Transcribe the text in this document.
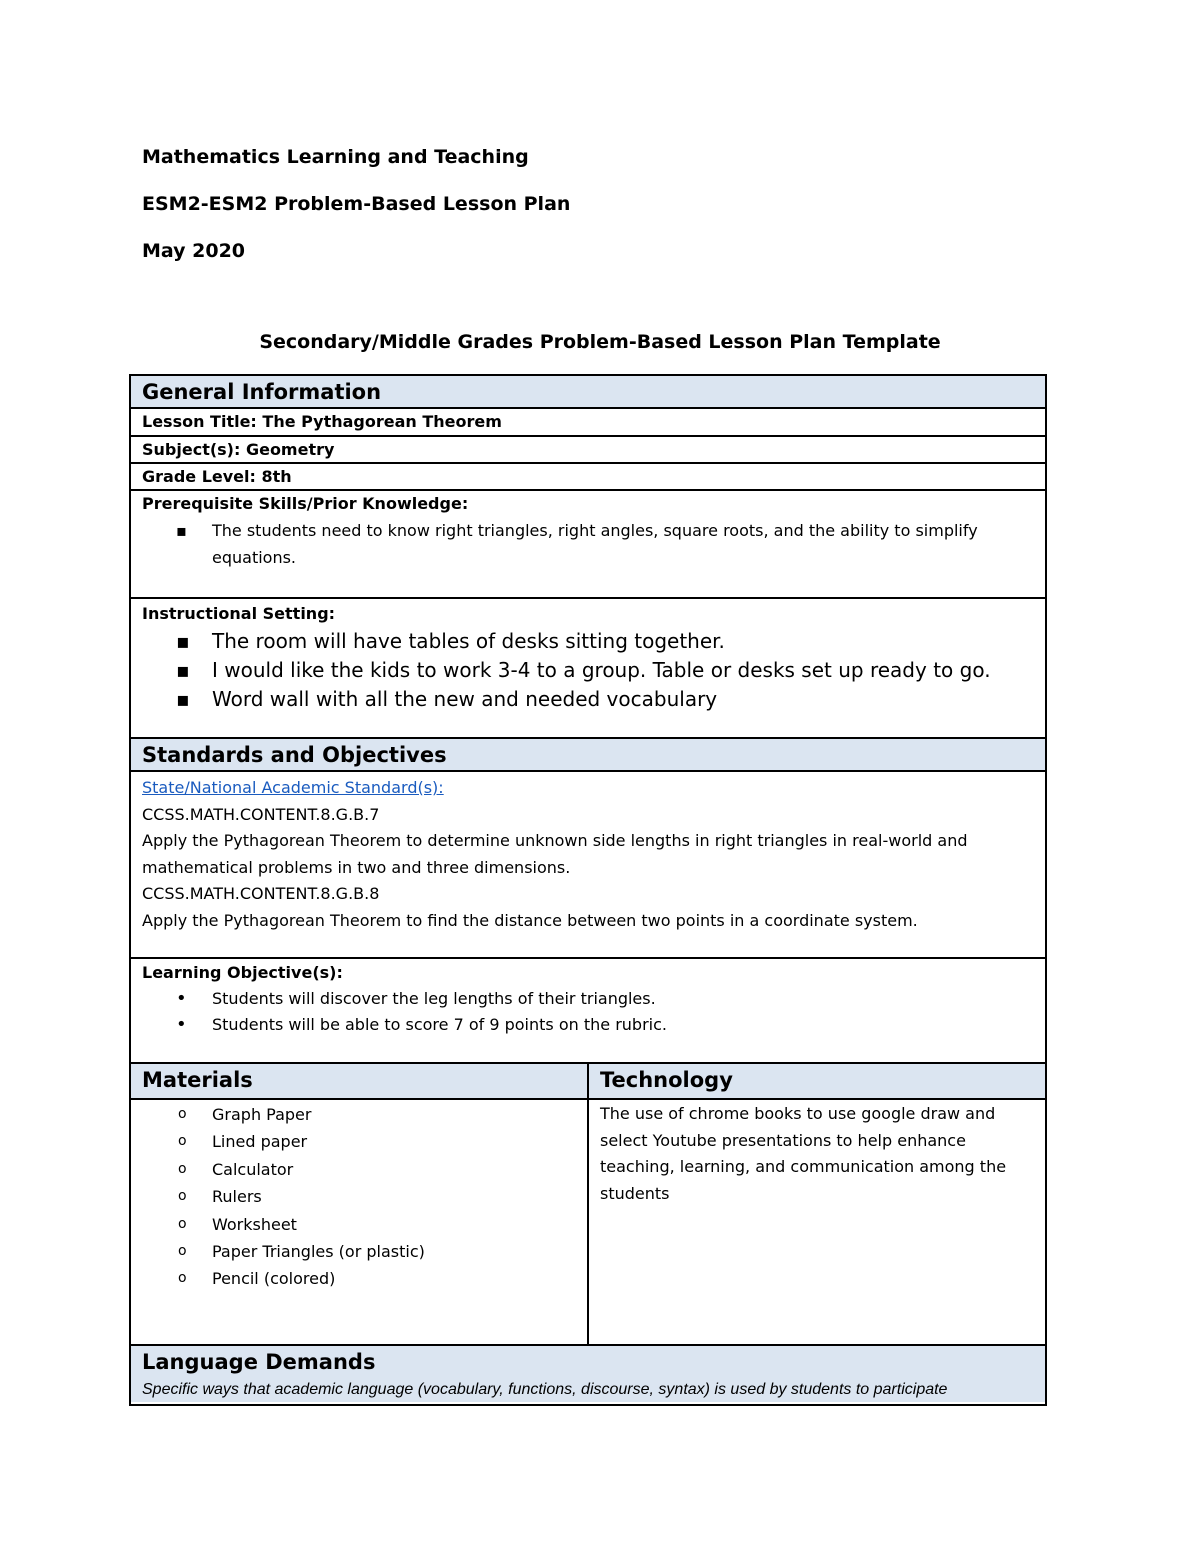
Mathematics Learning and Teaching
ESM2-ESM2 Problem-Based Lesson Plan
May 2020
Secondary/Middle Grades Problem-Based Lesson Plan Template
General Information
Lesson Title: The Pythagorean Theorem
Subject(s): Geometry
Grade Level: 8th
Prerequisite Skills/Prior Knowledge:
▪ The students need to know right triangles, right angles, square roots, and the ability to simplify equations.
Instructional Setting:
▪ The room will have tables of desks sitting together.
▪ I would like the kids to work 3-4 to a group. Table or desks set up ready to go.
▪ Word wall with all the new and needed vocabulary
Standards and Objectives
State/National Academic Standard(s):
CCSS.MATH.CONTENT.8.G.B.7
Apply the Pythagorean Theorem to determine unknown side lengths in right triangles in real-world and mathematical problems in two and three dimensions.
CCSS.MATH.CONTENT.8.G.B.8
Apply the Pythagorean Theorem to find the distance between two points in a coordinate system.
Learning Objective(s):
• Students will discover the leg lengths of their triangles.
• Students will be able to score 7 of 9 points on the rubric.
Materials	Technology
o Graph Paper
o Lined paper
o Calculator
o Rulers
o Worksheet
o Paper Triangles (or plastic)
o Pencil (colored)
The use of chrome books to use google draw and select Youtube presentations to help enhance teaching, learning, and communication among the students
Language Demands
Specific ways that academic language (vocabulary, functions, discourse, syntax) is used by students to participate
